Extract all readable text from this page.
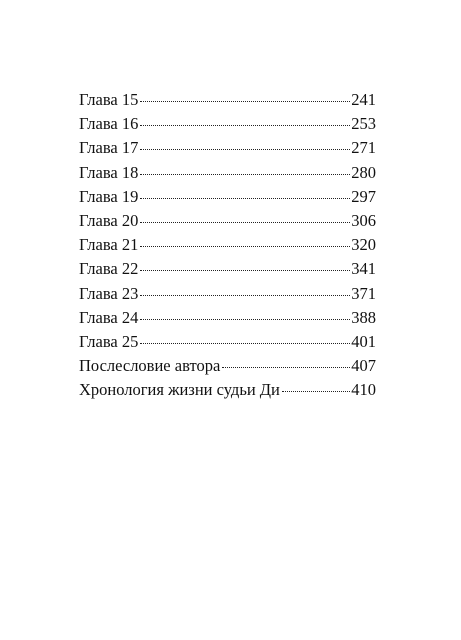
Глава 15	241
Глава 16	253
Глава 17	271
Глава 18	280
Глава 19	297
Глава 20	306
Глава 21	320
Глава 22	341
Глава 23	371
Глава 24	388
Глава 25	401
Послесловие автора	407
Хронология жизни судьи Ди	410
